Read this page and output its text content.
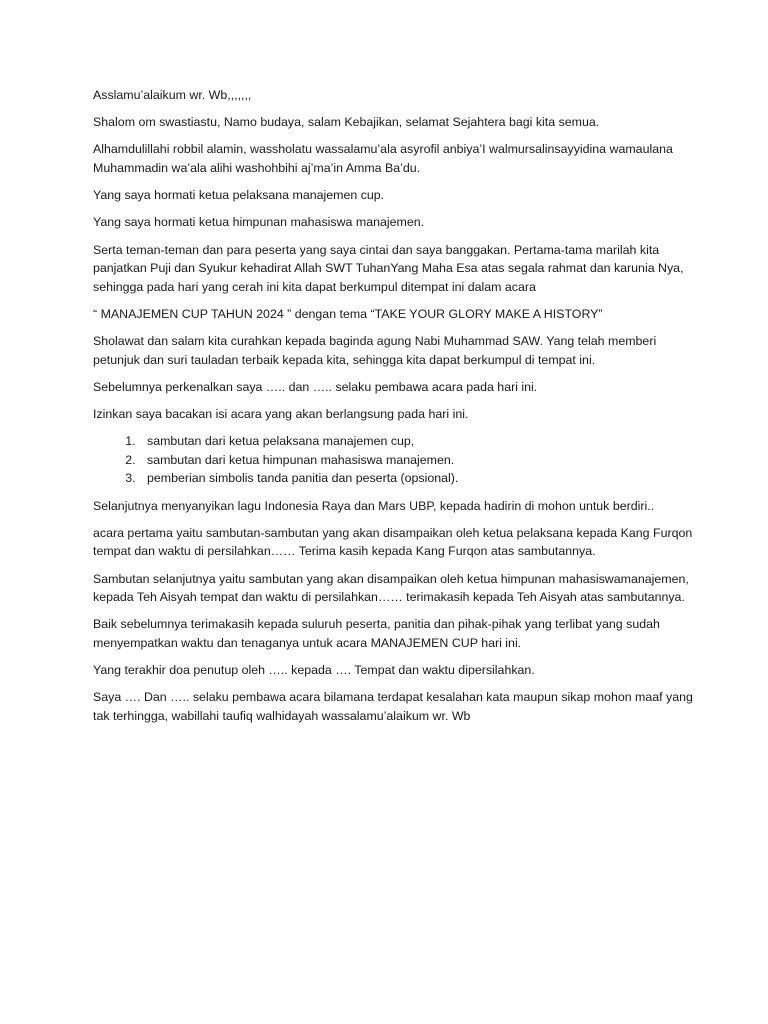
Asslamu’alaikum wr. Wb,,,,,,,

Shalom om swastiastu, Namo budaya, salam Kebajikan, selamat Sejahtera bagi kita semua.

Alhamdulillahi robbil alamin, wassholatu wassalamu’ala asyrofil anbiya’I walmursalinsayyidina wamaulana Muhammadin wa’ala alihi washohbihi aj’ma’in Amma Ba’du.

Yang saya hormati ketua pelaksana manajemen cup.

Yang saya hormati ketua himpunan mahasiswa manajemen.

Serta teman-teman dan para peserta yang saya cintai dan saya banggakan. Pertama-tama marilah kita panjatkan Puji dan Syukur kehadirat Allah SWT TuhanYang Maha Esa atas segala rahmat dan karunia Nya, sehingga pada hari yang cerah ini kita dapat berkumpul ditempat ini dalam acara

“ MANAJEMEN CUP TAHUN 2024 ” dengan tema “TAKE YOUR GLORY MAKE A HISTORY”

Sholawat dan salam kita curahkan kepada baginda agung Nabi Muhammad SAW. Yang telah memberi petunjuk dan suri tauladan terbaik kepada kita, sehingga kita dapat berkumpul di tempat ini.

Sebelumnya perkenalkan saya ….. dan ….. selaku pembawa acara pada hari ini.

Izinkan saya bacakan isi acara yang akan berlangsung pada hari ini.

1. sambutan dari ketua pelaksana manajemen cup,
2. sambutan dari ketua himpunan mahasiswa manajemen.
3. pemberian simbolis tanda panitia dan peserta (opsional).

Selanjutnya menyanyikan lagu Indonesia Raya dan Mars UBP, kepada hadirin di mohon untuk berdiri..

acara pertama yaitu sambutan-sambutan yang akan disampaikan oleh ketua pelaksana kepada Kang Furqon tempat dan waktu di persilahkan…… Terima kasih kepada Kang Furqon atas sambutannya.

Sambutan selanjutnya yaitu sambutan yang akan disampaikan oleh ketua himpunan mahasiswamanajemen, kepada Teh Aisyah tempat dan waktu di persilahkan…… terimakasih kepada Teh Aisyah atas sambutannya.

Baik sebelumnya terimakasih kepada suluruh peserta, panitia dan pihak-pihak yang terlibat yang sudah menyempatkan waktu dan tenaganya untuk acara MANAJEMEN CUP hari ini.

Yang terakhir doa penutup oleh ….. kepada …. Tempat dan waktu dipersilahkan.

Saya …. Dan ….. selaku pembawa acara bilamana terdapat kesalahan kata maupun sikap mohon maaf yang tak terhingga, wabillahi taufiq walhidayah wassalamu’alaikum wr. Wb
